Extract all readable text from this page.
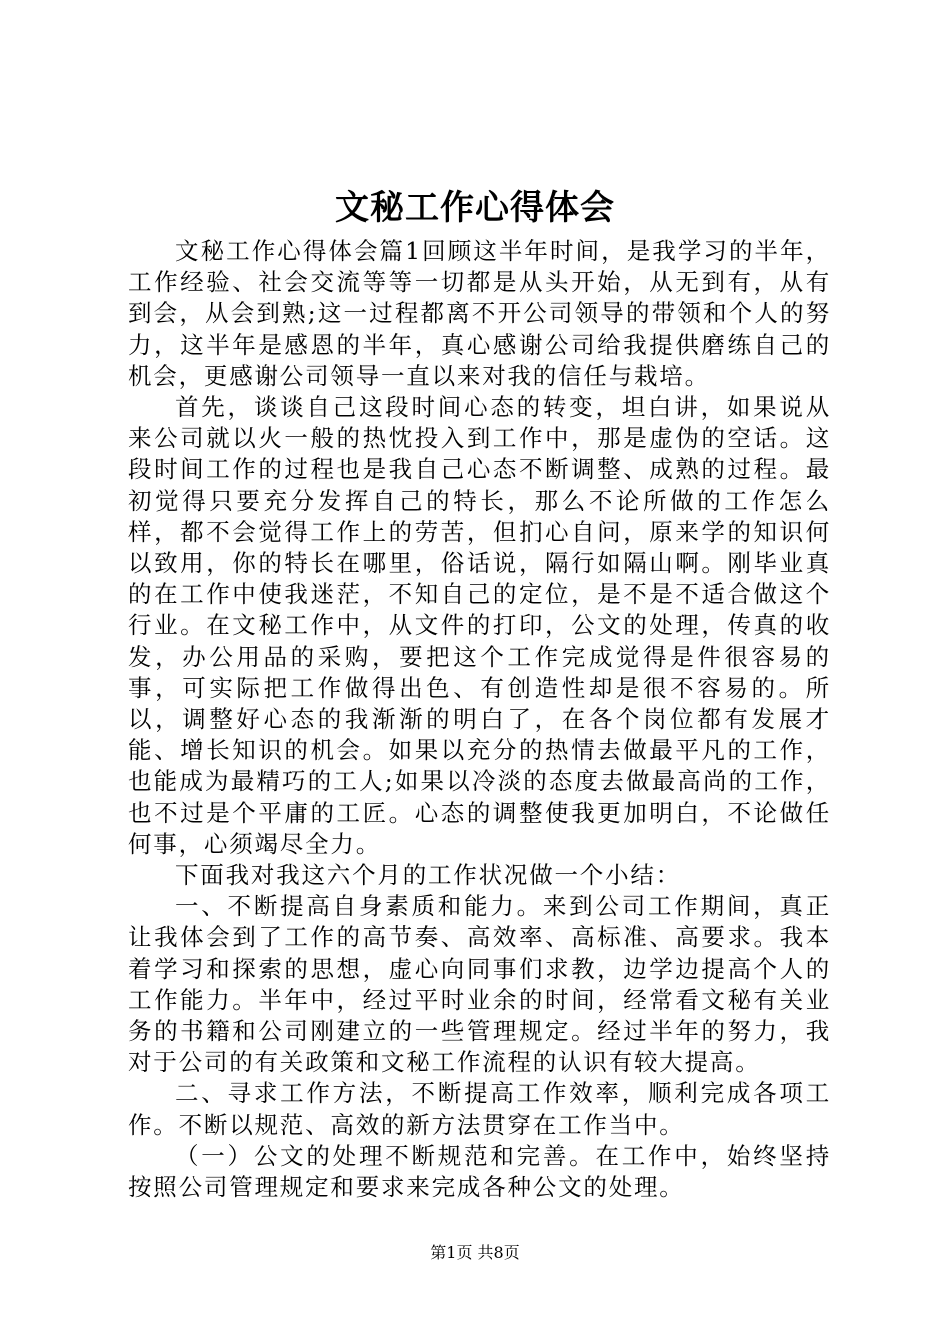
文秘工作心得体会

文秘工作心得体会篇1回顾这半年时间，是我学习的半年，工作经验、社会交流等等一切都是从头开始，从无到有，从有到会，从会到熟;这一过程都离不开公司领导的带领和个人的努力，这半年是感恩的半年，真心感谢公司给我提供磨练自己的机会，更感谢公司领导一直以来对我的信任与栽培。

首先，谈谈自己这段时间心态的转变，坦白讲，如果说从来公司就以火一般的热忱投入到工作中，那是虚伪的空话。这段时间工作的过程也是我自己心态不断调整、成熟的过程。最初觉得只要充分发挥自己的特长，那么不论所做的工作怎么样，都不会觉得工作上的劳苦，但扪心自问，原来学的知识何以致用，你的特长在哪里，俗话说，隔行如隔山啊。刚毕业真的在工作中使我迷茫，不知自己的定位，是不是不适合做这个行业。在文秘工作中，从文件的打印，公文的处理，传真的收发，办公用品的采购，要把这个工作完成觉得是件很容易的事，可实际把工作做得出色、有创造性却是很不容易的。所以，调整好心态的我渐渐的明白了，在各个岗位都有发展才能、增长知识的机会。如果以充分的热情去做最平凡的工作，也能成为最精巧的工人;如果以冷淡的态度去做最高尚的工作，也不过是个平庸的工匠。心态的调整使我更加明白，不论做任何事，心须竭尽全力。

下面我对我这六个月的工作状况做一个小结：

一、不断提高自身素质和能力。来到公司工作期间，真正让我体会到了工作的高节奏、高效率、高标准、高要求。我本着学习和探索的思想，虚心向同事们求教，边学边提高个人的工作能力。半年中，经过平时业余的时间，经常看文秘有关业务的书籍和公司刚建立的一些管理规定。经过半年的努力，我对于公司的有关政策和文秘工作流程的认识有较大提高。

二、寻求工作方法，不断提高工作效率，顺利完成各项工作。不断以规范、高效的新方法贯穿在工作当中。

（一）公文的处理不断规范和完善。在工作中，始终坚持按照公司管理规定和要求来完成各种公文的处理。

第1页 共8页
